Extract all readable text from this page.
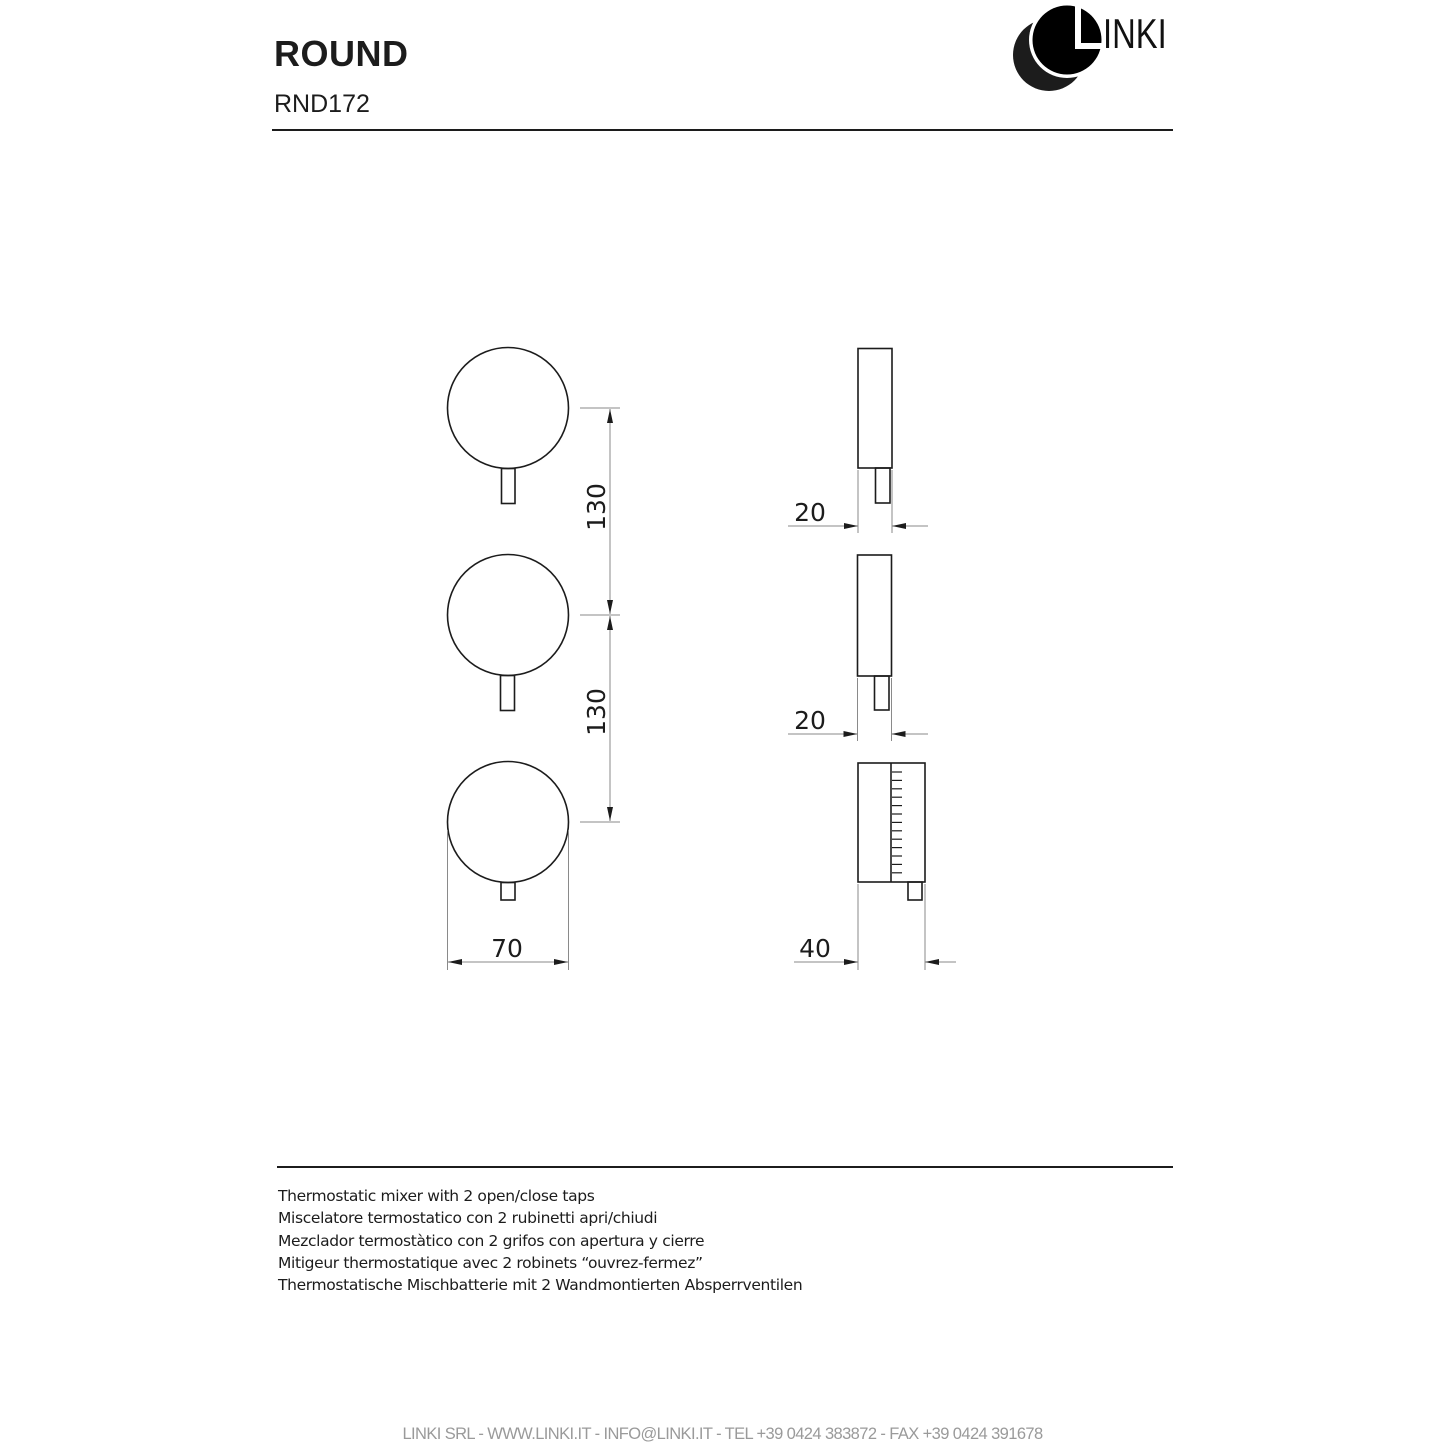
ROUND
RND172
130
130
70
20
20
40
INKI
Thermostatic mixer with 2 open/close taps
Miscelatore termostatico con 2 rubinetti apri/chiudi
Mezclador termostàtico con 2 grifos con apertura y cierre
Mitigeur thermostatique avec 2 robinets “ouvrez-fermez”
Thermostatische Mischbatterie mit 2 Wandmontierten Absperrventilen
LINKI SRL - WWW.LINKI.IT - INFO@LINKI.IT - TEL +39 0424 383872 - FAX +39 0424 391678
